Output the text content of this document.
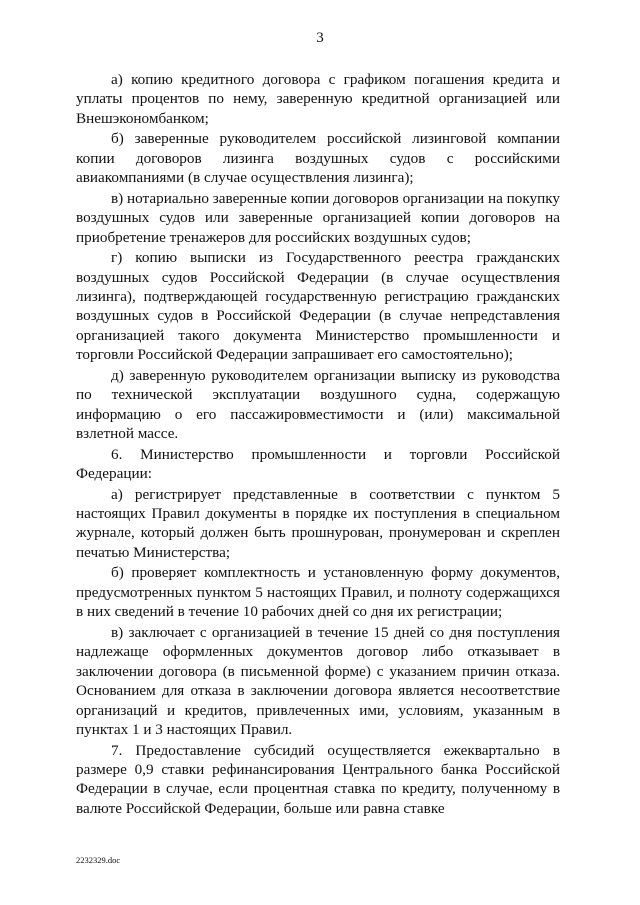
3

а) копию кредитного договора с графиком погашения кредита и уплаты процентов по нему, заверенную кредитной организацией или Внешэкономбанком;

б) заверенные руководителем российской лизинговой компании копии договоров лизинга воздушных судов с российскими авиакомпаниями (в случае осуществления лизинга);

в) нотариально заверенные копии договоров организации на покупку воздушных судов или заверенные организацией копии договоров на приобретение тренажеров для российских воздушных судов;

г) копию выписки из Государственного реестра гражданских воздушных судов Российской Федерации (в случае осуществления лизинга), подтверждающей государственную регистрацию гражданских воздушных судов в Российской Федерации (в случае непредставления организацией такого документа Министерство промышленности и торговли Российской Федерации запрашивает его самостоятельно);

д) заверенную руководителем организации выписку из руководства по технической эксплуатации воздушного судна, содержащую информацию о его пассажировместимости и (или) максимальной взлетной массе.

6. Министерство промышленности и торговли Российской Федерации:

а) регистрирует представленные в соответствии с пунктом 5 настоящих Правил документы в порядке их поступления в специальном журнале, который должен быть прошнурован, пронумерован и скреплен печатью Министерства;

б) проверяет комплектность и установленную форму документов, предусмотренных пунктом 5 настоящих Правил, и полноту содержащихся в них сведений в течение 10 рабочих дней со дня их регистрации;

в) заключает с организацией в течение 15 дней со дня поступления надлежаще оформленных документов договор либо отказывает в заключении договора (в письменной форме) с указанием причин отказа. Основанием для отказа в заключении договора является несоответствие организаций и кредитов, привлеченных ими, условиям, указанным в пунктах 1 и 3 настоящих Правил.

7. Предоставление субсидий осуществляется ежеквартально в размере 0,9 ставки рефинансирования Центрального банка Российской Федерации в случае, если процентная ставка по кредиту, полученному в валюте Российской Федерации, больше или равна ставке

2232329.doc
